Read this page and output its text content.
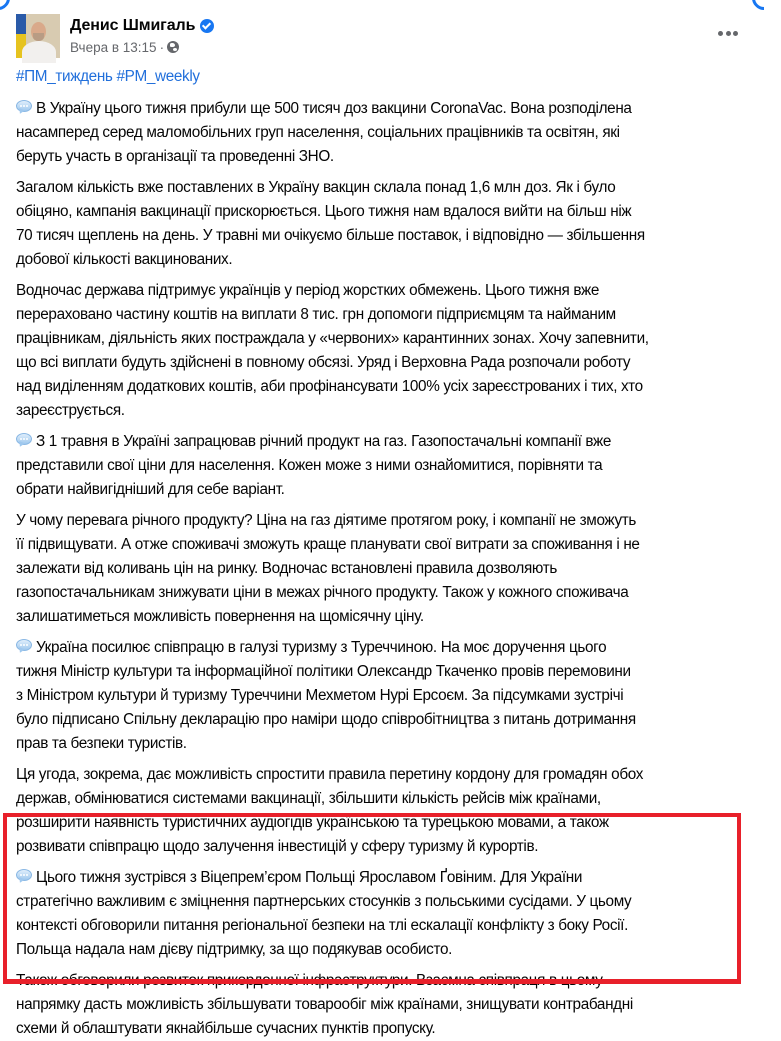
Денис Шмигаль
Вчера в 13:15 ·
#ПМ_тиждень #PM_weekly
В Україну цього тижня прибули ще 500 тисяч доз вакцини CoronaVac. Вона розподілена
насамперед серед маломобільних груп населення, соціальних працівників та освітян, які
беруть участь в організації та проведенні ЗНО.
Загалом кількість вже поставлених в Україну вакцин склала понад 1,6 млн доз. Як і було
обіцяно, кампанія вакцинації прискорюється. Цього тижня нам вдалося вийти на більш ніж
70 тисяч щеплень на день. У травні ми очікуємо більше поставок, і відповідно — збільшення
добової кількості вакцинованих.
Водночас держава підтримує українців у період жорстких обмежень. Цього тижня вже
перераховано частину коштів на виплати 8 тис. грн допомоги підприємцям та найманим
працівникам, діяльність яких постраждала у «червоних» карантинних зонах. Хочу запевнити,
що всі виплати будуть здійснені в повному обсязі. Уряд і Верховна Рада розпочали роботу
над виділенням додаткових коштів, аби профінансувати 100% усіх зареєстрованих і тих, хто
зареєструється.
З 1 травня в Україні запрацював річний продукт на газ. Газопостачальні компанії вже
представили свої ціни для населення. Кожен може з ними ознайомитися, порівняти та
обрати найвигідніший для себе варіант.
У чому перевага річного продукту? Ціна на газ діятиме протягом року, і компанії не зможуть
її підвищувати. А отже споживачі зможуть краще планувати свої витрати за споживання і не
залежати від коливань цін на ринку. Водночас встановлені правила дозволяють
газопостачальникам знижувати ціни в межах річного продукту. Також у кожного споживача
залишатиметься можливість повернення на щомісячну ціну.
Україна посилює співпрацю в галузі туризму з Туреччиною. На моє доручення цього
тижня Міністр культури та інформаційної політики Олександр Ткаченко провів перемовини
з Міністром культури й туризму Туреччини Мехметом Нурі Ерсоєм. За підсумками зустрічі
було підписано Спільну декларацію про наміри щодо співробітництва з питань дотримання
прав та безпеки туристів.
Ця угода, зокрема, дає можливість спростити правила перетину кордону для громадян обох
держав, обмінюватися системами вакцинації, збільшити кількість рейсів між країнами,
розширити наявність туристичних аудіогідів українською та турецькою мовами, а також
розвивати співпрацю щодо залучення інвестицій у сферу туризму й курортів.
Цього тижня зустрівся з Віцепрем’єром Польщі Ярославом Ґовіним. Для України
стратегічно важливим є зміцнення партнерських стосунків з польськими сусідами. У цьому
контексті обговорили питання регіональної безпеки на тлі ескалації конфлікту з боку Росії.
Польща надала нам дієву підтримку, за що подякував особисто.
Також обговорили розвиток прикордонної інфраструктури. Взаємна співпраця в цьому
напрямку дасть можливість збільшувати товарообіг між країнами, знищувати контрабандні
схеми й облаштувати якнайбільше сучасних пунктів пропуску.
